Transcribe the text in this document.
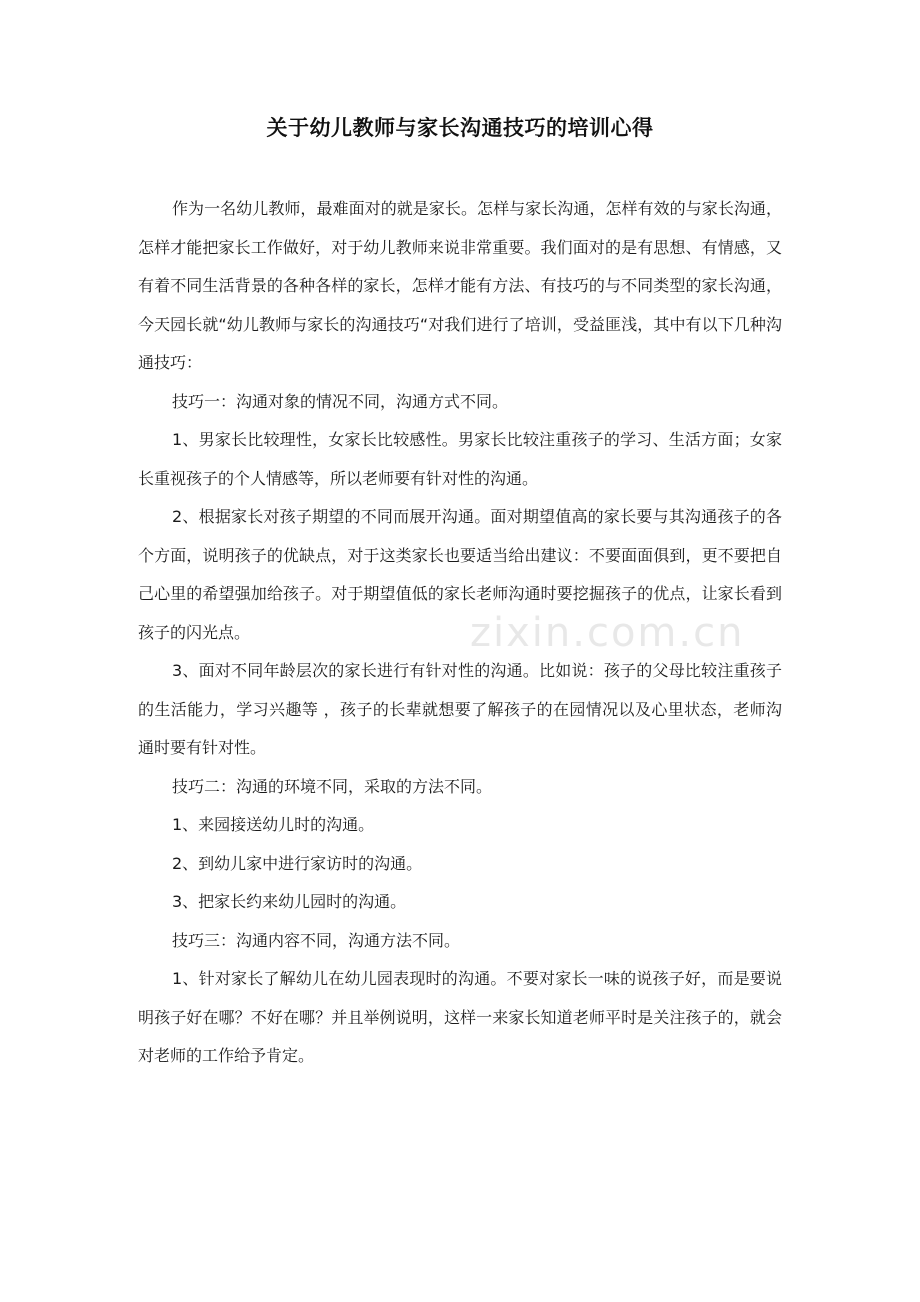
关于幼儿教师与家长沟通技巧的培训心得

作为一名幼儿教师，最难面对的就是家长。怎样与家长沟通，怎样有效的与家长沟通，怎样才能把家长工作做好，对于幼儿教师来说非常重要。我们面对的是有思想、有情感，又有着不同生活背景的各种各样的家长，怎样才能有方法、有技巧的与不同类型的家长沟通，今天园长就“幼儿教师与家长的沟通技巧“对我们进行了培训，受益匪浅，其中有以下几种沟通技巧：

技巧一：沟通对象的情况不同，沟通方式不同。

1、男家长比较理性，女家长比较感性。男家长比较注重孩子的学习、生活方面；女家长重视孩子的个人情感等，所以老师要有针对性的沟通。

2、根据家长对孩子期望的不同而展开沟通。面对期望值高的家长要与其沟通孩子的各个方面，说明孩子的优缺点，对于这类家长也要适当给出建议：不要面面俱到，更不要把自己心里的希望强加给孩子。对于期望值低的家长老师沟通时要挖掘孩子的优点，让家长看到孩子的闪光点。

3、面对不同年龄层次的家长进行有针对性的沟通。比如说：孩子的父母比较注重孩子的生活能力，学习兴趣等 ，孩子的长辈就想要了解孩子的在园情况以及心里状态，老师沟通时要有针对性。

技巧二：沟通的环境不同，采取的方法不同。

1、来园接送幼儿时的沟通。

2、到幼儿家中进行家访时的沟通。

3、把家长约来幼儿园时的沟通。

技巧三：沟通内容不同，沟通方法不同。

1、针对家长了解幼儿在幼儿园表现时的沟通。不要对家长一味的说孩子好，而是要说明孩子好在哪？不好在哪？并且举例说明，这样一来家长知道老师平时是关注孩子的，就会对老师的工作给予肯定。

zixin.com.cn
